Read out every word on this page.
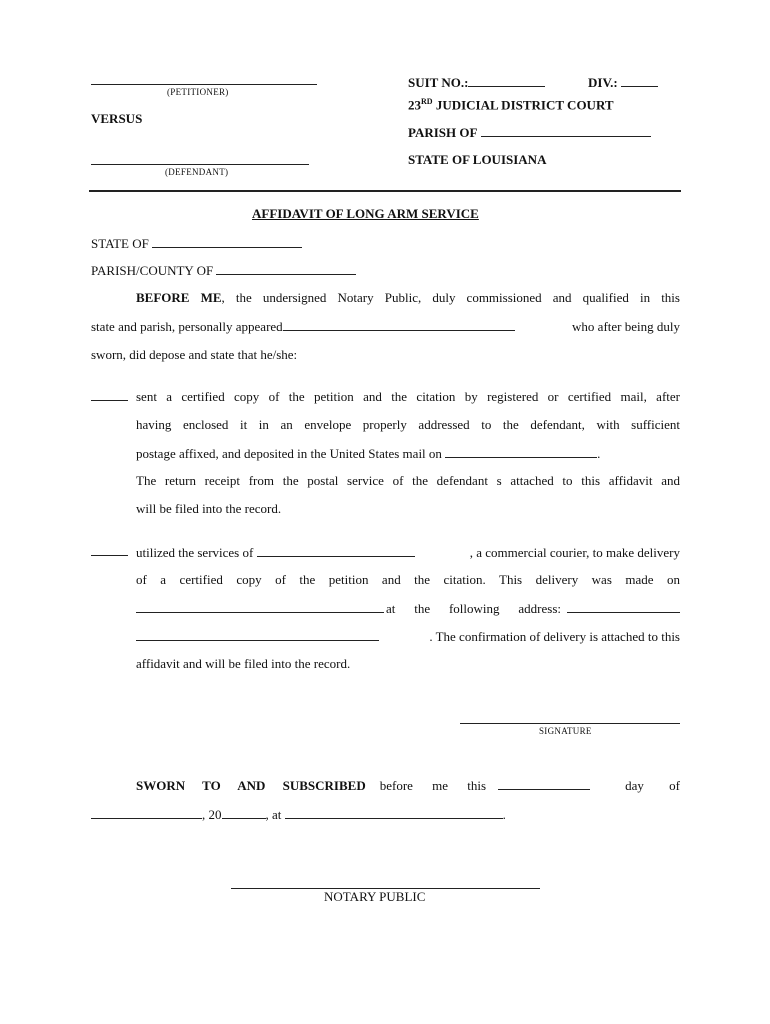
(PETITIONER)
VERSUS
(DEFENDANT)
SUIT NO.:	DIV.:
23RD JUDICIAL DISTRICT COURT
PARISH OF
STATE OF LOUISIANA
AFFIDAVIT OF LONG ARM SERVICE
STATE OF
PARISH/COUNTY OF
BEFORE ME, the undersigned Notary Public, duly commissioned and qualified in this
state and parish, personally appeared	who after being duly
sworn, did depose and state that he/she:
sent a certified copy of the petition and the citation by registered or certified mail, after
having enclosed it in an envelope properly addressed to the defendant, with sufficient
postage affixed, and deposited in the United States mail on	.
The return receipt from the postal service of the defendant s attached to this affidavit and
will be filed into the record.
utilized the services of
	, a commercial courier, to make delivery
of a certified copy of the petition and the citation. This delivery was made on
at the following address:
. The confirmation of delivery is attached to this
affidavit and will be filed into the record.
SIGNATURE
SWORN TO AND SUBSCRIBED before me this	day of
, 20	, at	.
NOTARY PUBLIC
